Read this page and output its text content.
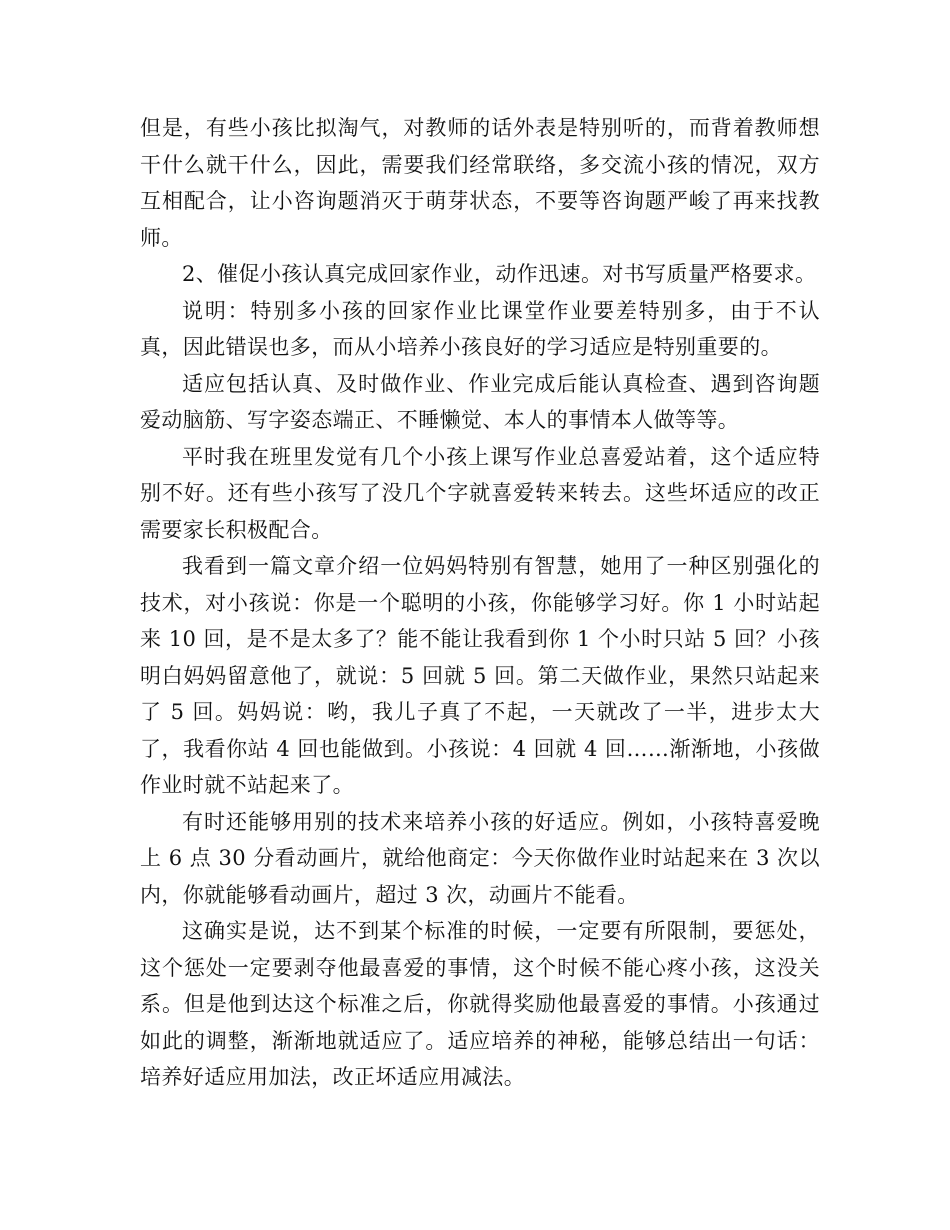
但是，有些小孩比拟淘气，对教师的话外表是特别听的，而背着教师想干什么就干什么，因此，需要我们经常联络，多交流小孩的情况，双方互相配合，让小咨询题消灭于萌芽状态，不要等咨询题严峻了再来找教师。

2、催促小孩认真完成回家作业，动作迅速。对书写质量严格要求。

说明：特别多小孩的回家作业比课堂作业要差特别多，由于不认真，因此错误也多，而从小培养小孩良好的学习适应是特别重要的。

适应包括认真、及时做作业、作业完成后能认真检查、遇到咨询题爱动脑筋、写字姿态端正、不睡懒觉、本人的事情本人做等等。

平时我在班里发觉有几个小孩上课写作业总喜爱站着，这个适应特别不好。还有些小孩写了没几个字就喜爱转来转去。这些坏适应的改正需要家长积极配合。

我看到一篇文章介绍一位妈妈特别有智慧，她用了一种区别强化的技术，对小孩说：你是一个聪明的小孩，你能够学习好。你 1 小时站起来 10 回，是不是太多了？能不能让我看到你 1 个小时只站 5 回？小孩明白妈妈留意他了，就说：5 回就 5 回。第二天做作业，果然只站起来了 5 回。妈妈说：哟，我儿子真了不起，一天就改了一半，进步太大了，我看你站 4 回也能做到。小孩说：4 回就 4 回……渐渐地，小孩做作业时就不站起来了。

有时还能够用别的技术来培养小孩的好适应。例如，小孩特喜爱晚上 6 点 30 分看动画片，就给他商定：今天你做作业时站起来在 3 次以内，你就能够看动画片，超过 3 次，动画片不能看。

这确实是说，达不到某个标准的时候，一定要有所限制，要惩处，这个惩处一定要剥夺他最喜爱的事情，这个时候不能心疼小孩，这没关系。但是他到达这个标准之后，你就得奖励他最喜爱的事情。小孩通过如此的调整，渐渐地就适应了。适应培养的神秘，能够总结出一句话：培养好适应用加法，改正坏适应用减法。
